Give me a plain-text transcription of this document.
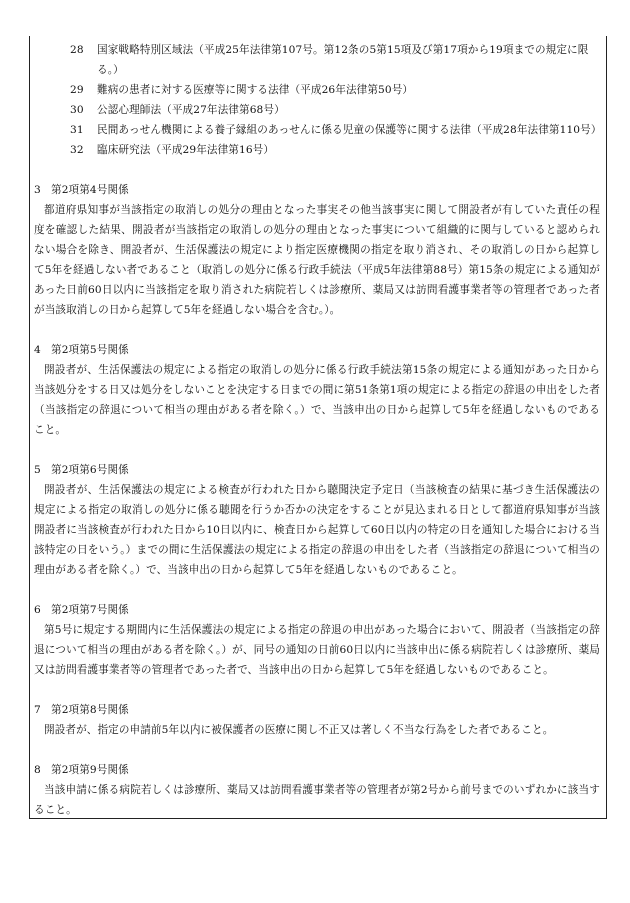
28	国家戦略特別区域法（平成25年法律第107号。第12条の5第15項及び第17項から19項までの規定に限る。）
29	難病の患者に対する医療等に関する法律（平成26年法律第50号）
30	公認心理師法（平成27年法律第68号）
31	民間あっせん機関による養子縁組のあっせんに係る児童の保護等に関する法律（平成28年法律第110号）
32	臨床研究法（平成29年法律第16号）
3 第2項第4号関係
都道府県知事が当該指定の取消しの処分の理由となった事実その他当該事実に関して開設者が有していた責任の程度を確認した結果、開設者が当該指定の取消しの処分の理由となった事実について組織的に関与していると認められない場合を除き、開設者が、生活保護法の規定により指定医療機関の指定を取り消され、その取消しの日から起算して5年を経過しない者であること（取消しの処分に係る行政手続法（平成5年法律第88号）第15条の規定による通知があった日前60日以内に当該指定を取り消された病院若しくは診療所、薬局又は訪問看護事業者等の管理者であった者が当該取消しの日から起算して5年を経過しない場合を含む。）。
4 第2項第5号関係
開設者が、生活保護法の規定による指定の取消しの処分に係る行政手続法第15条の規定による通知があった日から当該処分をする日又は処分をしないことを決定する日までの間に第51条第1項の規定による指定の辞退の申出をした者（当該指定の辞退について相当の理由がある者を除く。）で、当該申出の日から起算して5年を経過しないものであること。
5 第2項第6号関係
開設者が、生活保護法の規定による検査が行われた日から聴聞決定予定日（当該検査の結果に基づき生活保護法の規定による指定の取消しの処分に係る聴聞を行うか否かの決定をすることが見込まれる日として都道府県知事が当該開設者に当該検査が行われた日から10日以内に、検査日から起算して60日以内の特定の日を通知した場合における当該特定の日をいう。）までの間に生活保護法の規定による指定の辞退の申出をした者（当該指定の辞退について相当の理由がある者を除く。）で、当該申出の日から起算して5年を経過しないものであること。
6 第2項第7号関係
第5号に規定する期間内に生活保護法の規定による指定の辞退の申出があった場合において、開設者（当該指定の辞退について相当の理由がある者を除く。）が、同号の通知の日前60日以内に当該申出に係る病院若しくは診療所、薬局又は訪問看護事業者等の管理者であった者で、当該申出の日から起算して5年を経過しないものであること。
7 第2項第8号関係
開設者が、指定の申請前5年以内に被保護者の医療に関し不正又は著しく不当な行為をした者であること。
8 第2項第9号関係
当該申請に係る病院若しくは診療所、薬局又は訪問看護事業者等の管理者が第2号から前号までのいずれかに該当すること。
